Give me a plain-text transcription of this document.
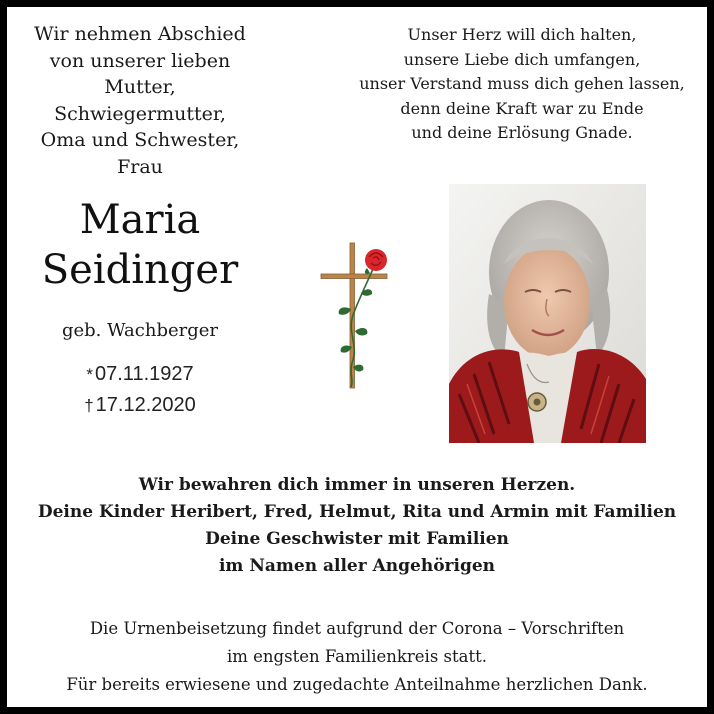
Wir nehmen Abschied
von unserer lieben
Mutter,
Schwiegermutter,
Oma und Schwester,
Frau
Maria
Seidinger
geb. Wachberger
* 07.11.1927
† 17.12.2020
Unser Herz will dich halten,
unsere Liebe dich umfangen,
unser Verstand muss dich gehen lassen,
denn deine Kraft war zu Ende
und deine Erlösung Gnade.
Wir bewahren dich immer in unseren Herzen.
Deine Kinder Heribert, Fred, Helmut, Rita und Armin mit Familien
Deine Geschwister mit Familien
im Namen aller Angehörigen
Die Urnenbeisetzung findet aufgrund der Corona – Vorschriften
im engsten Familienkreis statt.
Für bereits erwiesene und zugedachte Anteilnahme herzlichen Dank.
